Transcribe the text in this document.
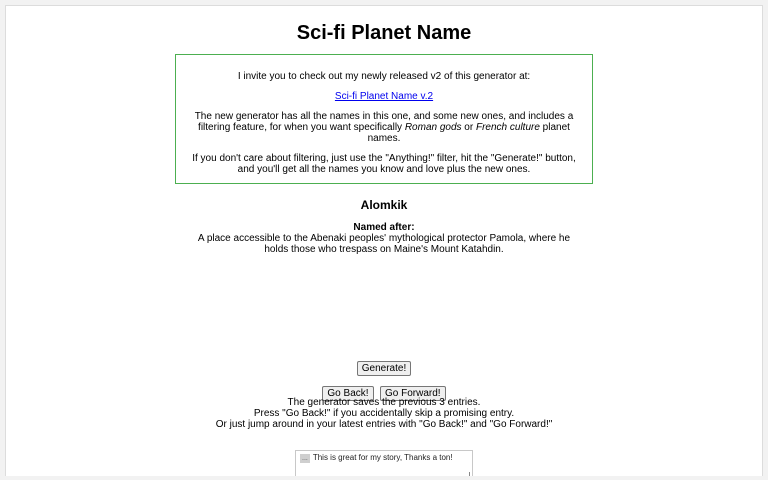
Sci-fi Planet Name

I invite you to check out my newly released v2 of this generator at:

Sci-fi Planet Name v.2

The new generator has all the names in this one, and some new ones, and includes a filtering feature, for when you want specifically Roman gods or French culture planet names.

If you don't care about filtering, just use the "Anything!" filter, hit the "Generate!" button, and you'll get all the names you know and love plus the new ones.

Alomkik
Named after:
A place accessible to the Abenaki peoples' mythological protector Pamola, where he holds those who trespass on Maine's Mount Katahdin.
Generate!
Go Back! Go Forward!
The generator saves the previous 3 entries.
Press "Go Back!" if you accidentally skip a promising entry.
Or just jump around in your latest entries with "Go Back!" and "Go Forward!"
... This is great for my story, Thanks a ton!
